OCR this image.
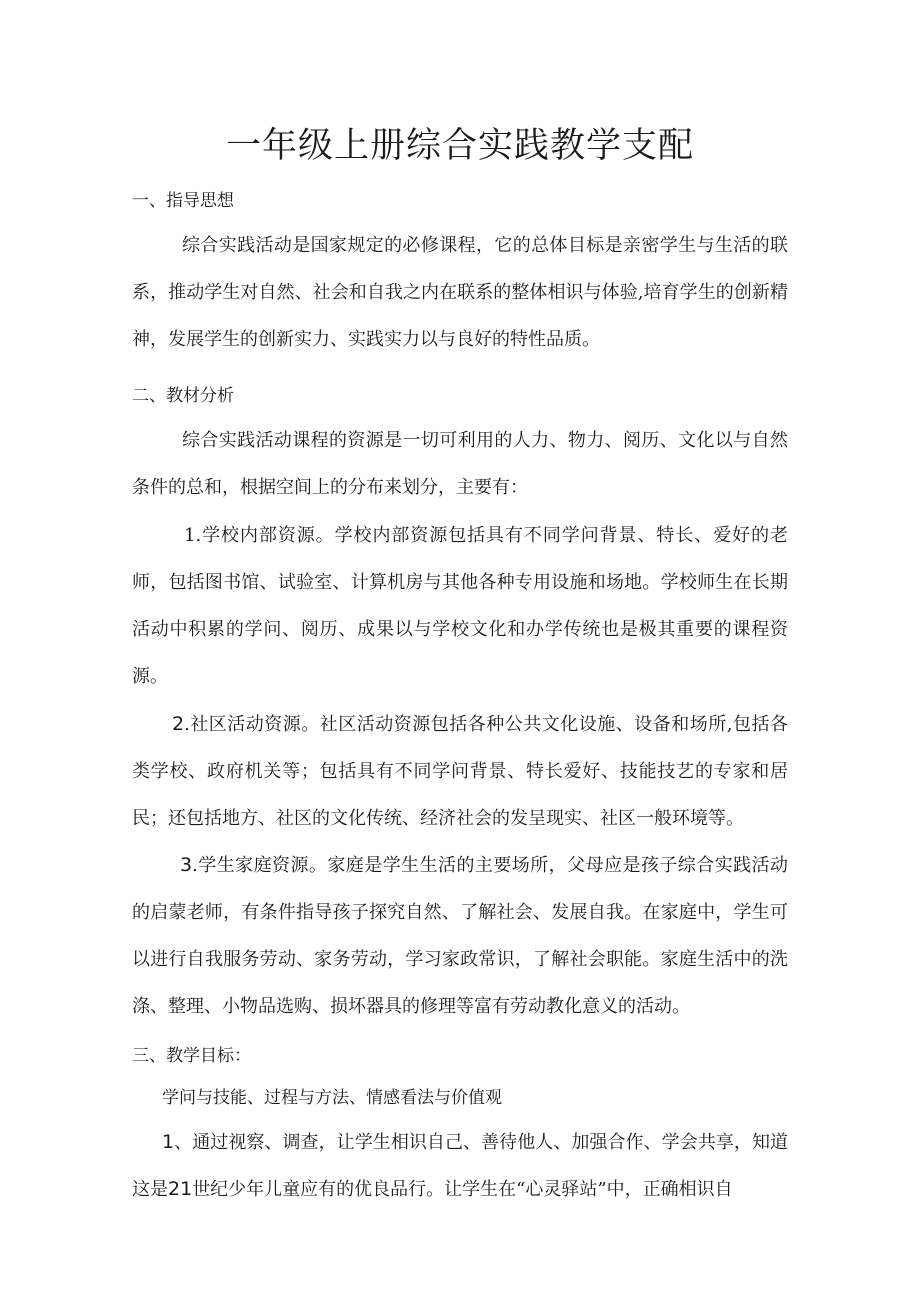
一年级上册综合实践教学支配

一、指导思想

综合实践活动是国家规定的必修课程，它的总体目标是亲密学生与生活的联系，推动学生对自然、社会和自我之内在联系的整体相识与体验,培育学生的创新精神，发展学生的创新实力、实践实力以与良好的特性品质。

二、教材分析

综合实践活动课程的资源是一切可利用的人力、物力、阅历、文化以与自然条件的总和，根据空间上的分布来划分，主要有：

1.学校内部资源。学校内部资源包括具有不同学问背景、特长、爱好的老师，包括图书馆、试验室、计算机房与其他各种专用设施和场地。学校师生在长期活动中积累的学问、阅历、成果以与学校文化和办学传统也是极其重要的课程资源。

2.社区活动资源。社区活动资源包括各种公共文化设施、设备和场所,包括各类学校、政府机关等；包括具有不同学问背景、特长爱好、技能技艺的专家和居民；还包括地方、社区的文化传统、经济社会的发呈现实、社区一般环境等。

3.学生家庭资源。家庭是学生生活的主要场所，父母应是孩子综合实践活动的启蒙老师，有条件指导孩子探究自然、了解社会、发展自我。在家庭中，学生可以进行自我服务劳动、家务劳动，学习家政常识，了解社会职能。家庭生活中的洗涤、整理、小物品选购、损坏器具的修理等富有劳动教化意义的活动。

三、教学目标：

学问与技能、过程与方法、情感看法与价值观

1、通过视察、调查，让学生相识自己、善待他人、加强合作、学会共享，知道这是21世纪少年儿童应有的优良品行。让学生在“心灵驿站”中，正确相识自
